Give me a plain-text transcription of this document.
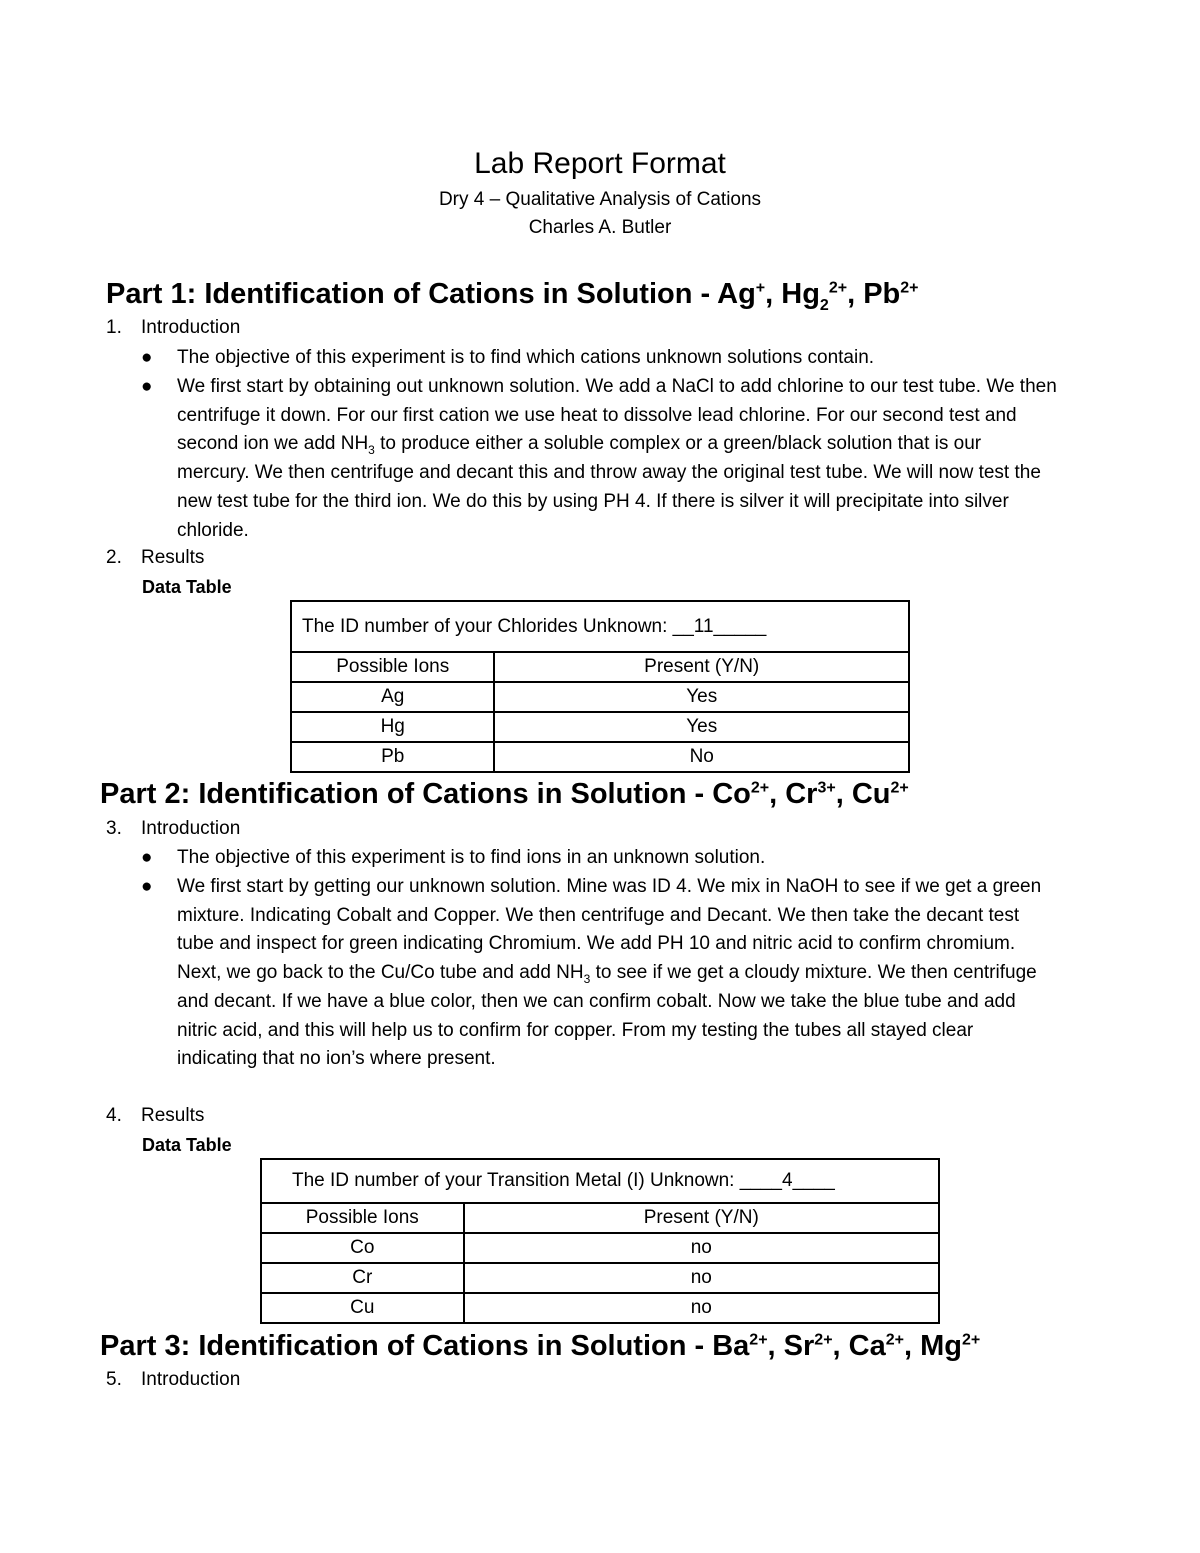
Lab Report Format
Dry 4 – Qualitative Analysis of Cations
Charles A. Butler
Part 1: Identification of Cations in Solution - Ag+, $Hg_2^{2+}$, $Pb^{2+}$
1. Introduction
● The objective of this experiment is to find which cations unknown solutions contain.
● We first start by obtaining out unknown solution. We add a NaCl to add chlorine to our test tube. We then centrifuge it down. For our first cation we use heat to dissolve lead chlorine. For our second test and second ion we add $NH_3$ to produce either a soluble complex or a green/black solution that is our mercury. We then centrifuge and decant this and throw away the original test tube. We will now test the new test tube for the third ion. We do this by using PH 4. If there is silver it will precipitate into silver chloride.
2. Results
Data Table
The ID number of your Chlorides Unknown: __11_____	
Possible Ions	Present (Y/N)
Ag	Yes
Hg	Yes
Pb	No
Part 2: Identification of Cations in Solution - $Co^{2+}$, $Cr^{3+}$, $Cu^{2+}$
3. Introduction
● The objective of this experiment is to find ions in an unknown solution.
● We first start by getting our unknown solution. Mine was ID 4. We mix in NaOH to see if we get a green mixture. Indicating Cobalt and Copper. We then centrifuge and Decant. We then take the decant test tube and inspect for green indicating Chromium. We add PH 10 and nitric acid to confirm chromium. Next, we go back to the Cu/Co tube and add $NH_3$ to see if we get a cloudy mixture. We then centrifuge and decant. If we have a blue color, then we can confirm cobalt. Now we take the blue tube and add nitric acid, and this will help us to confirm for copper. From my testing the tubes all stayed clear indicating that no ion’s where present.
4. Results
Data Table
The ID number of your Transition Metal (I) Unknown: ____4____	
Possible Ions	Present (Y/N)
Co	no
Cr	no
Cu	no
Part 3: Identification of Cations in Solution - $Ba^{2+}$, $Sr^{2+}$, $Ca^{2+}$, $Mg^{2+}$
5. Introduction
